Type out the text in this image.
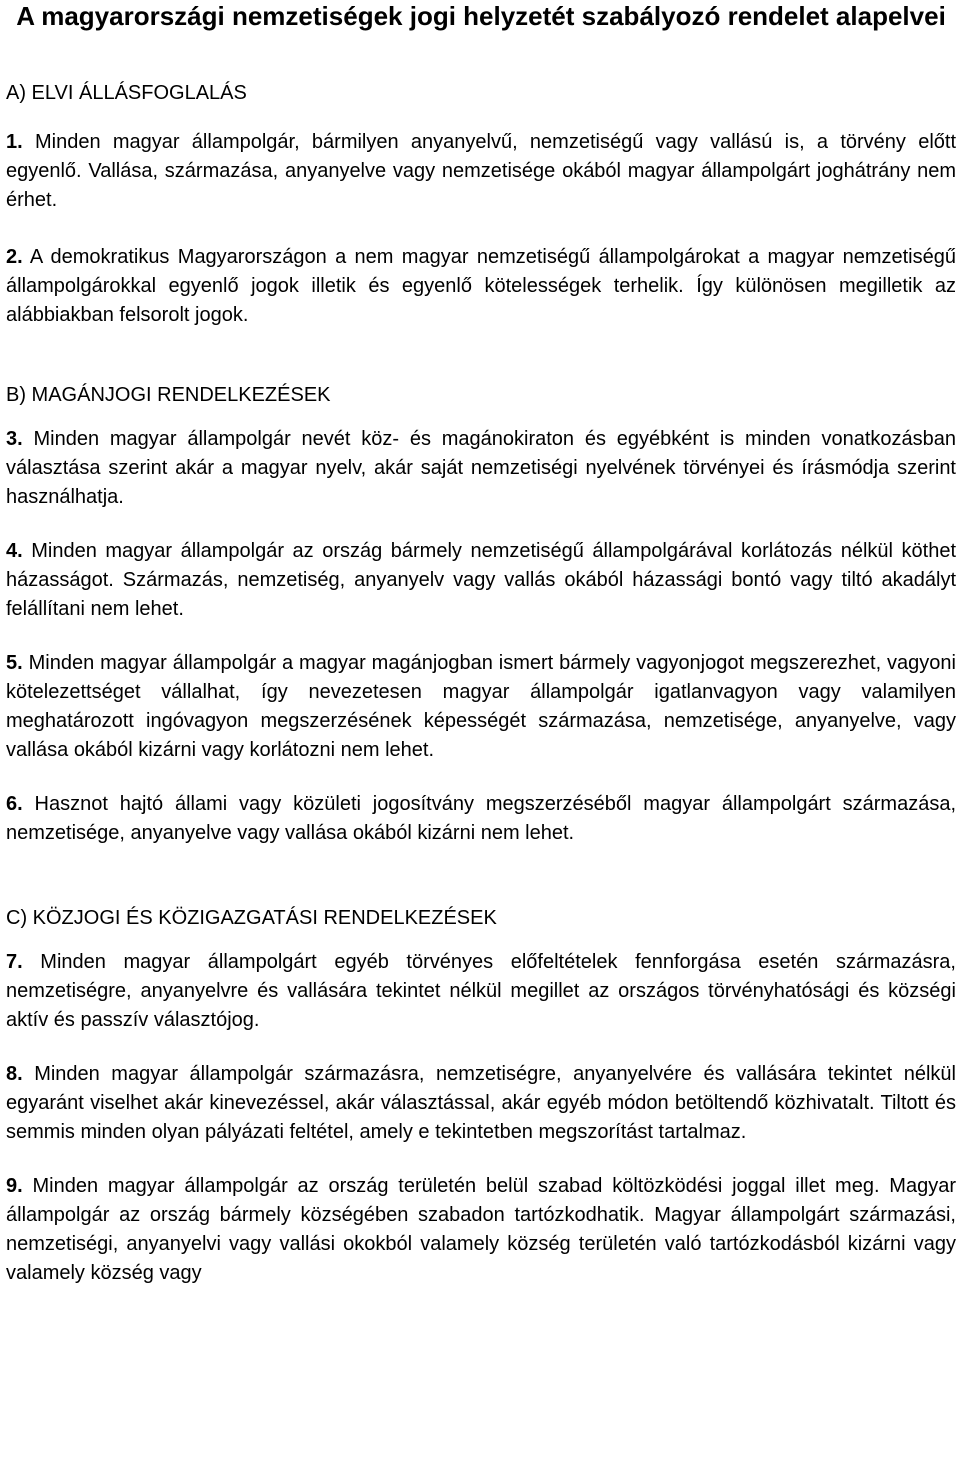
A magyarországi nemzetiségek jogi helyzetét szabályozó rendelet alapelvei
A) ELVI ÁLLÁSFOGLALÁS

1. Minden magyar állampolgár, bármilyen anyanyelvű, nemzetiségű vagy vallású is, a törvény előtt egyenlő. Vallása, származása, anyanyelve vagy nemzetisége okából magyar állampolgárt joghátrány nem érhet.

2. A demokratikus Magyarországon a nem magyar nemzetiségű állampolgárokat a magyar nemzetiségű állampolgárokkal egyenlő jogok illetik és egyenlő kötelességek terhelik. Így különösen megilletik az alábbiakban felsorolt jogok.

B) MAGÁNJOGI RENDELKEZÉSEK

3. Minden magyar állampolgár nevét köz- és magánokiraton és egyébként is minden vonatkozásban választása szerint akár a magyar nyelv, akár saját nemzetiségi nyelvének törvényei és írásmódja szerint használhatja.

4. Minden magyar állampolgár az ország bármely nemzetiségű állampolgárával korlátozás nélkül köthet házasságot. Származás, nemzetiség, anyanyelv vagy vallás okából házassági bontó vagy tiltó akadályt felállítani nem lehet.

5. Minden magyar állampolgár a magyar magánjogban ismert bármely vagyonjogot megszerezhet, vagyoni kötelezettséget vállalhat, így nevezetesen magyar állampolgár igatlanvagyon vagy valamilyen meghatározott ingóvagyon megszerzésének képességét származása, nemzetisége, anyanyelve, vagy vallása okából kizárni vagy korlátozni nem lehet.

6. Hasznot hajtó állami vagy közületi jogosítvány megszerzéséből magyar állampolgárt származása, nemzetisége, anyanyelve vagy vallása okából kizárni nem lehet.

C) KÖZJOGI ÉS KÖZIGAZGATÁSI RENDELKEZÉSEK

7. Minden magyar állampolgárt egyéb törvényes előfeltételek fennforgása esetén származásra, nemzetiségre, anyanyelvre és vallására tekintet nélkül megillet az országos törvényhatósági és községi aktív és passzív választójog.

8. Minden magyar állampolgár származásra, nemzetiségre, anyanyelvére és vallására tekintet nélkül egyaránt viselhet akár kinevezéssel, akár választással, akár egyéb módon betöltendő közhivatalt. Tiltott és semmis minden olyan pályázati feltétel, amely e tekintetben megszorítást tartalmaz.

9. Minden magyar állampolgár az ország területén belül szabad költözködési joggal illet meg. Magyar állampolgár az ország bármely községében szabadon tartózkodhatik. Magyar állampolgárt származási, nemzetiségi, anyanyelvi vagy vallási okokból valamely község területén való tartózkodásból kizárni vagy valamely község vagy
